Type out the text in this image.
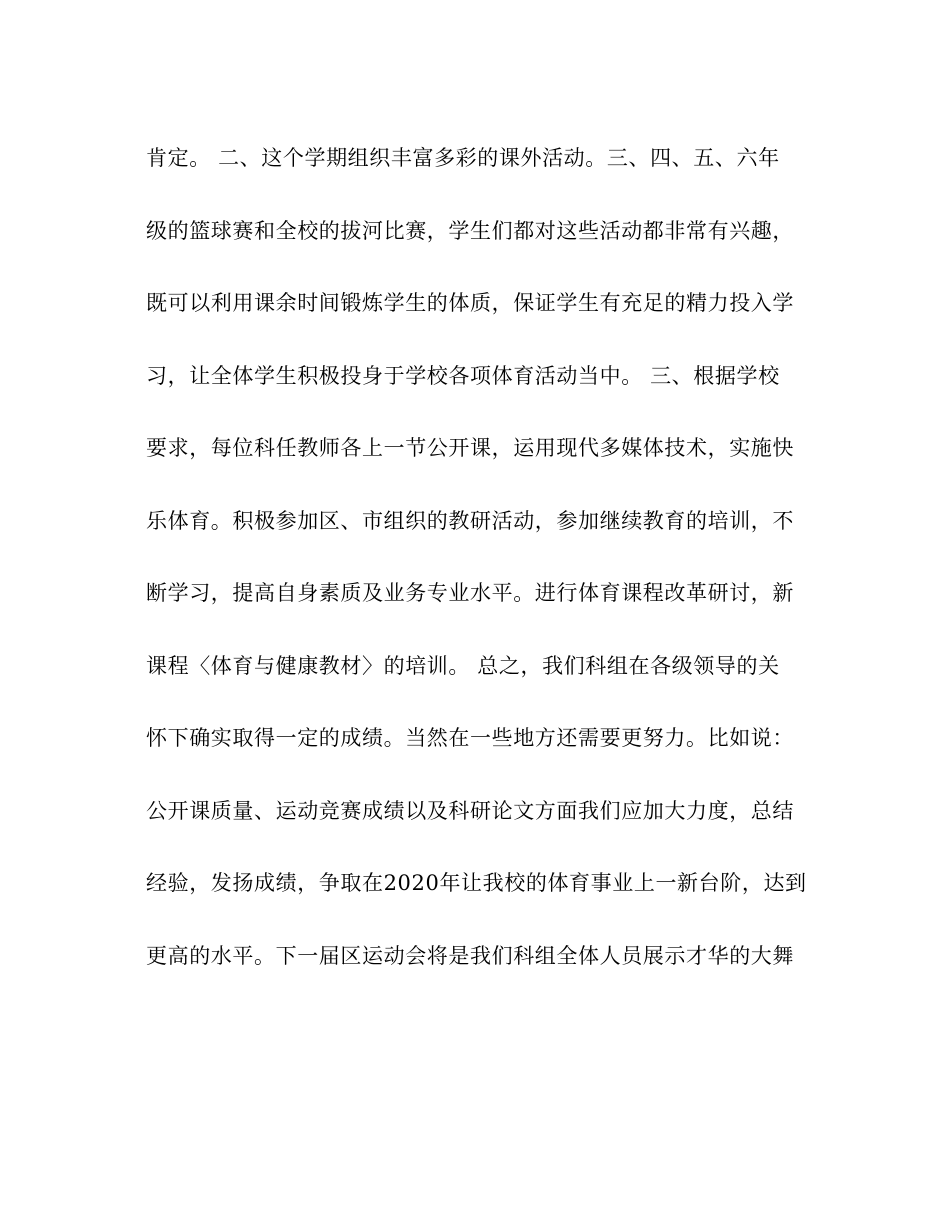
肯定。 二、这个学期组织丰富多彩的课外活动。三、四、五、六年
级的篮球赛和全校的拔河比赛，学生们都对这些活动都非常有兴趣，
既可以利用课余时间锻炼学生的体质，保证学生有充足的精力投入学
习，让全体学生积极投身于学校各项体育活动当中。 三、根据学校
要求，每位科任教师各上一节公开课，运用现代多媒体技术，实施快
乐体育。积极参加区、市组织的教研活动，参加继续教育的培训，不
断学习，提高自身素质及业务专业水平。进行体育课程改革研讨，新
课程〈体育与健康教材〉的培训。 总之，我们科组在各级领导的关
怀下确实取得一定的成绩。当然在一些地方还需要更努力。比如说：
公开课质量、运动竞赛成绩以及科研论文方面我们应加大力度，总结
经验，发扬成绩，争取在2020年让我校的体育事业上一新台阶，达到
更高的水平。下一届区运动会将是我们科组全体人员展示才华的大舞
